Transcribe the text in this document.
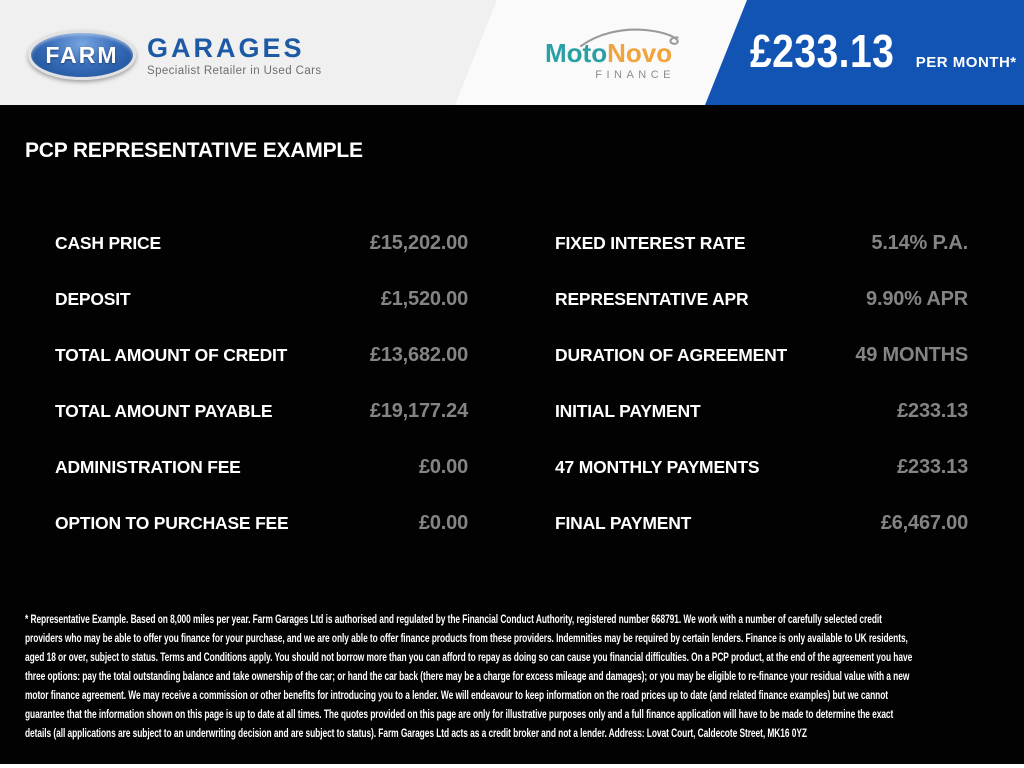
FARM GARAGES
Specialist Retailer in Used Cars
MotoNovo
FINANCE £233.13 PER MONTH*
PCP REPRESENTATIVE EXAMPLE
CASH PRICE	£15,202.00	FIXED INTEREST RATE	5.14% P.A.
DEPOSIT	£1,520.00	REPRESENTATIVE APR	9.90% APR
TOTAL AMOUNT OF CREDIT	£13,682.00	DURATION OF AGREEMENT	49 MONTHS
TOTAL AMOUNT PAYABLE	£19,177.24	INITIAL PAYMENT	£233.13
ADMINISTRATION FEE	£0.00	47 MONTHLY PAYMENTS	£233.13
OPTION TO PURCHASE FEE	£0.00	FINAL PAYMENT	£6,467.00

* Representative Example. Based on 8,000 miles per year. Farm Garages Ltd is authorised and regulated by the Financial Conduct Authority, registered number 668791. We work with a number of carefully selected credit providers who may be able to offer you finance for your purchase, and we are only able to offer finance products from these providers. Indemnities may be required by certain lenders. Finance is only available to UK residents, aged 18 or over, subject to status. Terms and Conditions apply. You should not borrow more than you can afford to repay as doing so can cause you financial difficulties. On a PCP product, at the end of the agreement you have three options: pay the total outstanding balance and take ownership of the car; or hand the car back (there may be a charge for excess mileage and damages); or you may be eligible to re-finance your residual value with a new motor finance agreement. We may receive a commission or other benefits for introducing you to a lender. We will endeavour to keep information on the road prices up to date (and related finance examples) but we cannot guarantee that the information shown on this page is up to date at all times. The quotes provided on this page are only for illustrative purposes only and a full finance application will have to be made to determine the exact details (all applications are subject to an underwriting decision and are subject to status). Farm Garages Ltd acts as a credit broker and not a lender. Address: Lovat Court, Caldecote Street, MK16 0YZ
